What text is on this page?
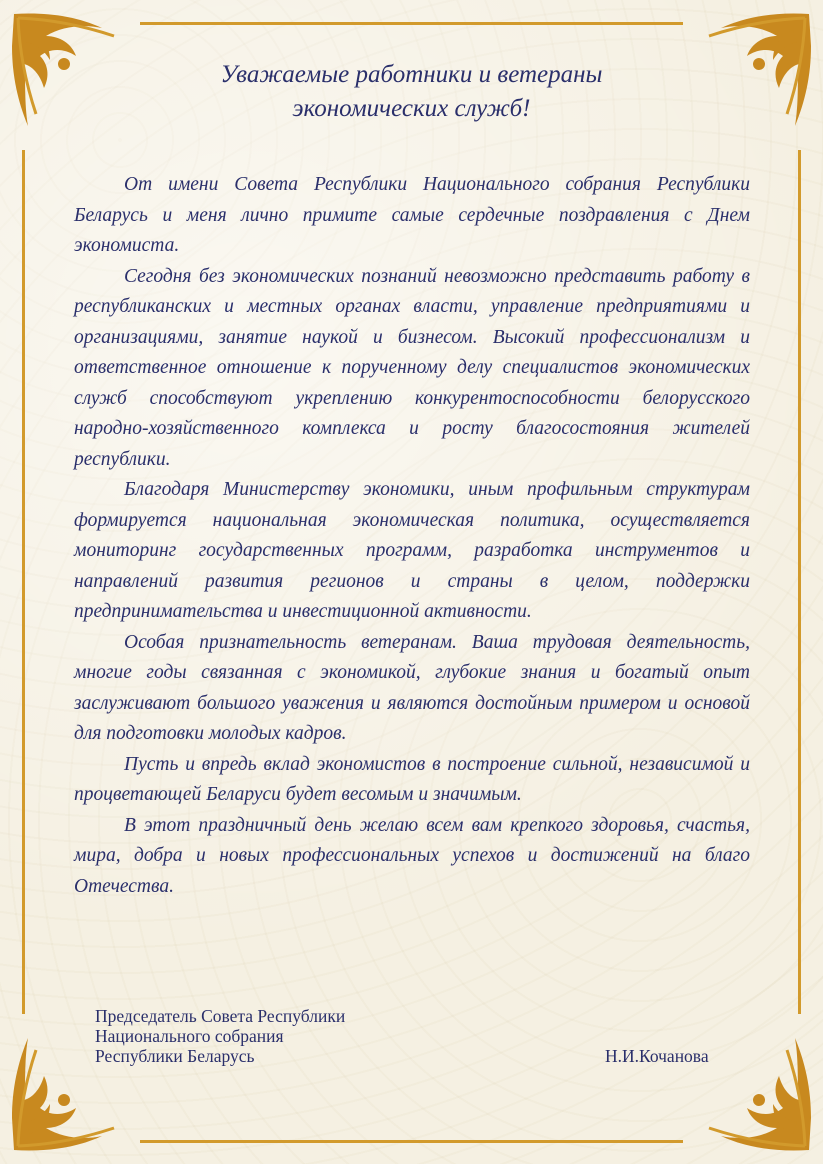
Уважаемые работники и ветераны
экономических служб!

От имени Совета Республики Национального собрания Республики Беларусь и меня лично примите самые сердечные поздравления с Днем экономиста.

Сегодня без экономических познаний невозможно представить работу в республиканских и местных органах власти, управление предприятиями и организациями, занятие наукой и бизнесом. Высокий профессионализм и ответственное отношение к порученному делу специалистов экономических служб способствуют укреплению конкурентоспособности белорусского народно-хозяйственного комплекса и росту благосостояния жителей республики.

Благодаря Министерству экономики, иным профильным структурам формируется национальная экономическая политика, осуществляется мониторинг государственных программ, разработка инструментов и направлений развития регионов и страны в целом, поддержки предпринимательства и инвестиционной активности.

Особая признательность ветеранам. Ваша трудовая деятельность, многие годы связанная с экономикой, глубокие знания и богатый опыт заслуживают большого уважения и являются достойным примером и основой для подготовки молодых кадров.

Пусть и впредь вклад экономистов в построение сильной, независимой и процветающей Беларуси будет весомым и значимым.

В этот праздничный день желаю всем вам крепкого здоровья, счастья, мира, добра и новых профессиональных успехов и достижений на благо Отечества.

Председатель Совета Республики
Национального собрания
Республики Беларусь	Н.И.Кочанова
